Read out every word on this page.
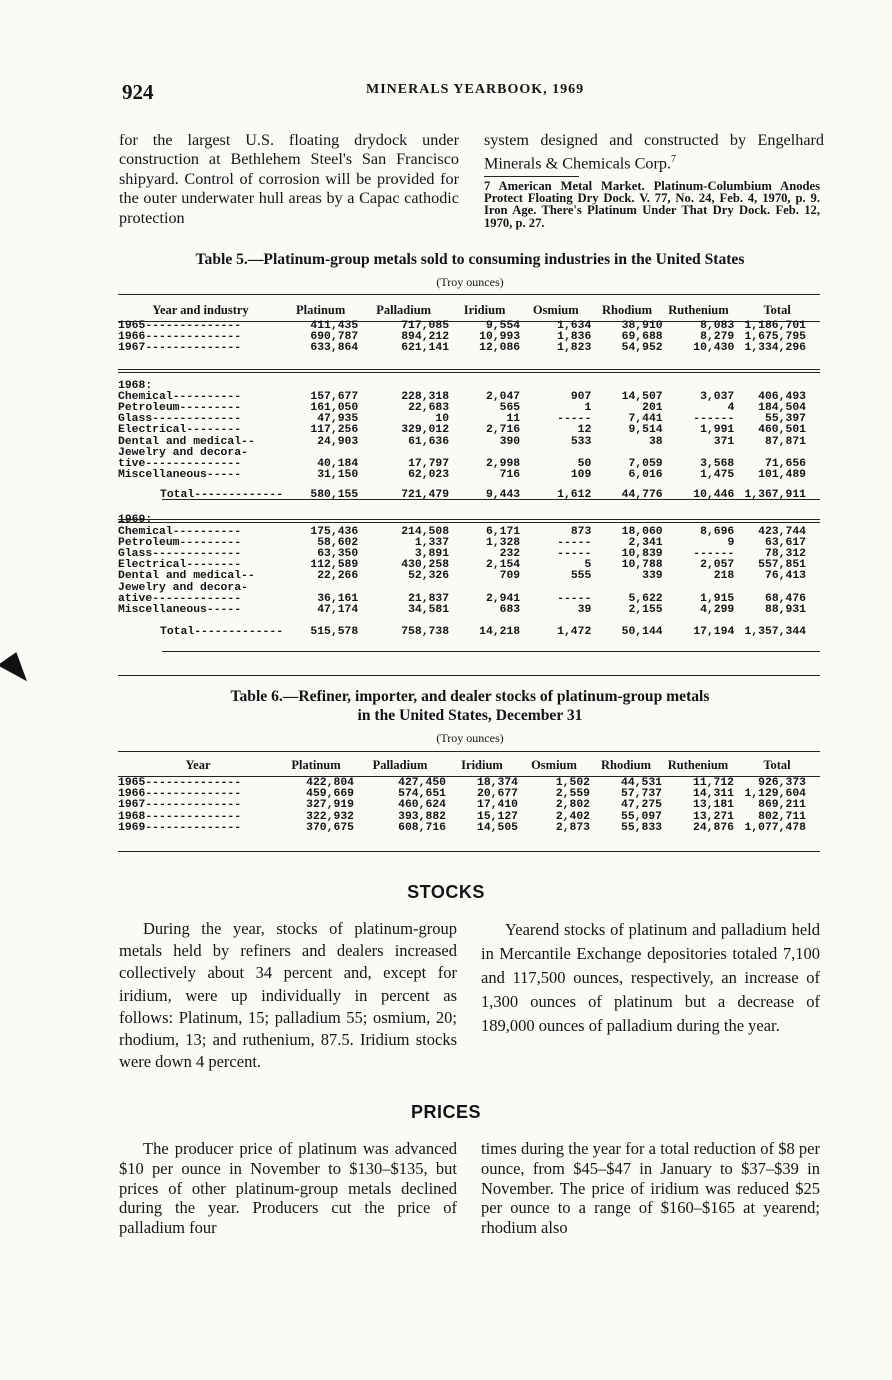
924	MINERALS YEARBOOK, 1969
for the largest U.S. floating drydock under construction at Bethlehem Steel's San Francisco shipyard. Control of corrosion will be provided for the outer underwater hull areas by a Capac cathodic protection
system designed and constructed by Engelhard Minerals & Chemicals Corp.$^7$
7 American Metal Market. Platinum-Columbium Anodes Protect Floating Dry Dock. V. 77, No. 24, Feb. 4, 1970, p. 9. Iron Age. There's Platinum Under That Dry Dock. Feb. 12, 1970, p. 27.
Table 5.—Platinum-group metals sold to consuming industries in the United States
(Troy ounces)
Year and industry	Platinum	Palladium	Iridium	Osmium	Rhodium	Ruthenium	Total
1965--------------	411,435	717,085	9,554	1,634	38,910	8,083	1,186,701
1966--------------	690,787	894,212	10,993	1,836	69,688	8,279	1,675,795
1967--------------	633,864	621,141	12,086	1,823	54,952	10,430	1,334,296

1968:							
Chemical----------	157,677	228,318	2,047	907	14,507	3,037	406,493
Petroleum---------	161,050	22,683	565	1	201	4	184,504
Glass-------------	47,935	10	11	-----	7,441	------	55,397
Electrical--------	117,256	329,012	2,716	12	9,514	1,991	460,501
Dental and medical--	24,903	61,636	390	533	38	371	87,871
Jewelry and decora-							
tive--------------	40,184	17,797	2,998	50	7,059	3,568	71,656
Miscellaneous-----	31,150	62,023	716	109	6,016	1,475	101,489

Total-------------	580,155	721,479	9,443	1,612	44,776	10,446	1,367,911

1969:							
Chemical----------	175,436	214,508	6,171	873	18,060	8,696	423,744
Petroleum---------	58,602	1,337	1,328	-----	2,341	9	63,617
Glass-------------	63,350	3,891	232	-----	10,839	------	78,312
Electrical--------	112,589	430,258	2,154	5	10,788	2,057	557,851
Dental and medical--	22,266	52,326	709	555	339	218	76,413
Jewelry and decora-							
ative-------------	36,161	21,837	2,941	-----	5,622	1,915	68,476
Miscellaneous-----	47,174	34,581	683	39	2,155	4,299	88,931

Total-------------	515,578	758,738	14,218	1,472	50,144	17,194	1,357,344
Table 6.—Refiner, importer, and dealer stocks of platinum-group metals
in the United States, December 31
(Troy ounces)
Year	Platinum	Palladium	Iridium	Osmium	Rhodium	Ruthenium	Total

1965--------------	422,804	427,450	18,374	1,502	44,531	11,712	926,373
1966--------------	459,669	574,651	20,677	2,559	57,737	14,311	1,129,604
1967--------------	327,919	460,624	17,410	2,802	47,275	13,181	869,211
1968--------------	322,932	393,882	15,127	2,402	55,097	13,271	802,711
1969--------------	370,675	608,716	14,505	2,873	55,833	24,876	1,077,478
STOCKS
During the year, stocks of platinum-group metals held by refiners and dealers increased collectively about 34 percent and, except for iridium, were up individually in percent as follows: Platinum, 15; palladium 55; osmium, 20; rhodium, 13; and ruthenium, 87.5. Iridium stocks were down 4 percent.
Yearend stocks of platinum and palladium held in Mercantile Exchange depositories totaled 7,100 and 117,500 ounces, respectively, an increase of 1,300 ounces of platinum but a decrease of 189,000 ounces of palladium during the year.
PRICES
The producer price of platinum was advanced $10 per ounce in November to $130–$135, but prices of other platinum-group metals declined during the year. Producers cut the price of palladium four
times during the year for a total reduction of $8 per ounce, from $45–$47 in January to $37–$39 in November. The price of iridium was reduced $25 per ounce to a range of $160–$165 at yearend; rhodium also
